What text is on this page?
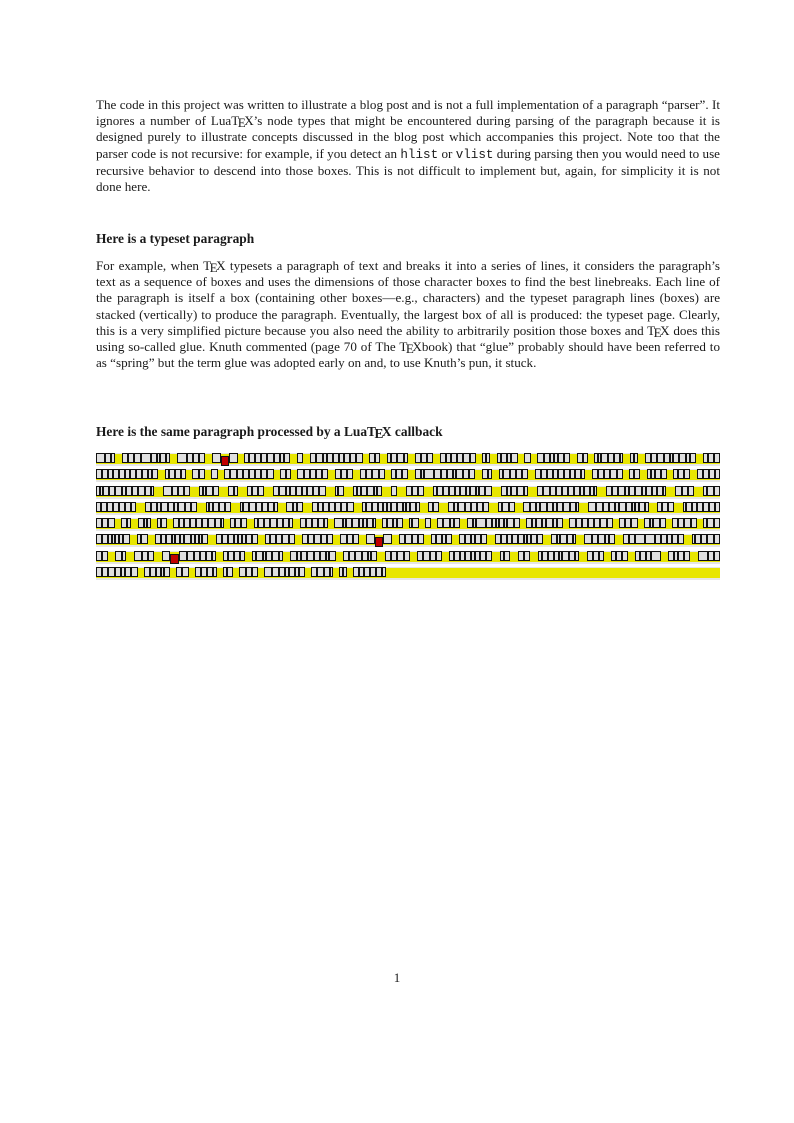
The code in this project was written to illustrate a blog post and is not a full implementation of a paragraph “parser”. It ignores a number of LuaTEX’s node types that might be encountered during parsing of the paragraph because it is designed purely to illustrate concepts discussed in the blog post which accompanies this project. Note too that the parser code is not recursive: for example, if you detect an hlist or vlist during parsing then you would need to use recursive behavior to descend into those boxes. This is not difficult to implement but, again, for simplicity it is not done here.

Here is a typeset paragraph

For example, when TEX typesets a paragraph of text and breaks it into a series of lines, it considers the paragraph’s text as a sequence of boxes and uses the dimensions of those character boxes to find the best linebreaks. Each line of the paragraph is itself a box (containing other boxes—e.g., characters) and the typeset paragraph lines (boxes) are stacked (vertically) to produce the paragraph. Eventually, the largest box of all is produced: the typeset page. Clearly, this is a very simplified picture because you also need the ability to arbitrarily position those boxes and TEX does this using so-called glue. Knuth commented (page 70 of The TEXbook) that “glue” probably should have been referred to as “spring” but the term glue was adopted early on and, to use Knuth’s pun, it stuck.

Here is the same paragraph processed by a LuaTEX callback
1
